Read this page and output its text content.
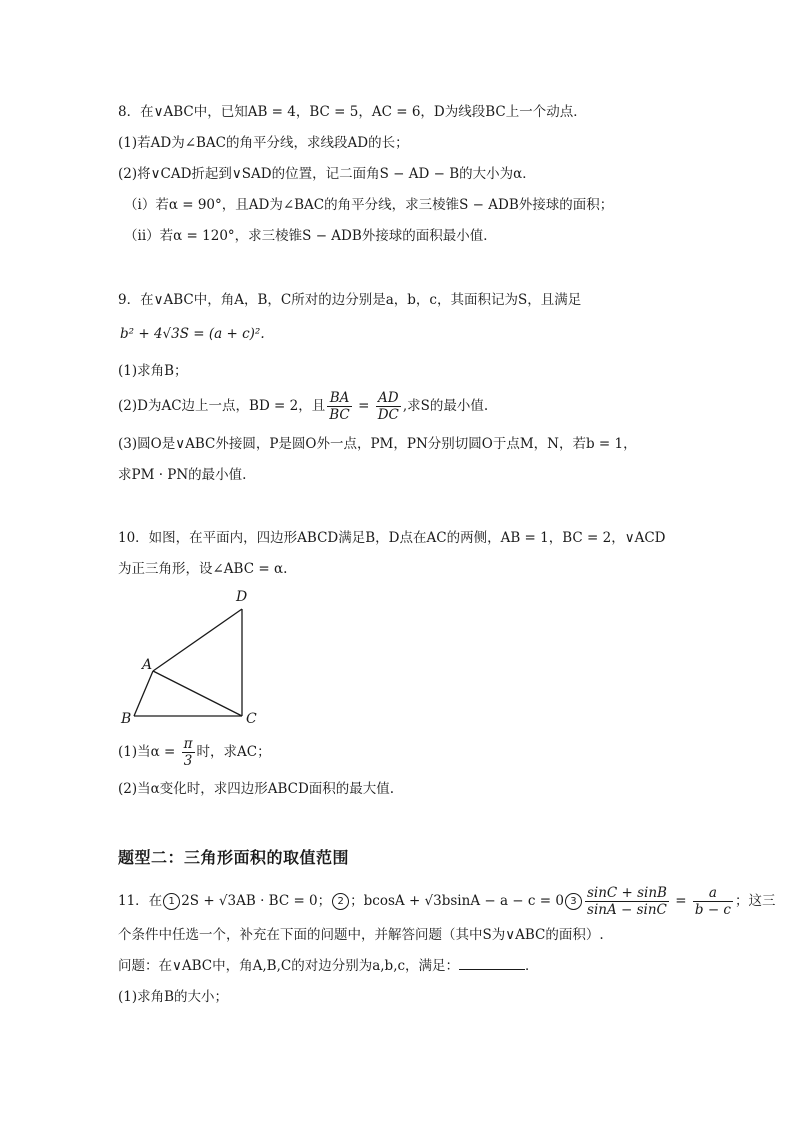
8．在∨ABC中，已知AB = 4，BC = 5，AC = 6，D为线段BC上一个动点．
(1)若AD为∠BAC的角平分线，求线段AD的长；
(2)将∨CAD折起到∨SAD的位置，记二面角S − AD − B的大小为α．
（i）若α = 90°，且AD为∠BAC的角平分线，求三棱锥S − ADB外接球的面积；
（ii）若α = 120°，求三棱锥S − ADB外接球的面积最小值．
9．在∨ABC中，角A，B，C所对的边分别是a，b，c，其面积记为S，且满足
b² + 4√3S = (a + c)².
(1)求角B；
(2)D为AC边上一点，BD = 2，且 $\frac{BA}{BC} = \frac{AD}{DC}$ ,求S的最小值.
(3)圆O是∨ABC外接圆，P是圆O外一点，PM，PN分别切圆O于点M，N，若b = 1，
求PM · PN的最小值.
10．如图，在平面内，四边形ABCD满足B，D点在AC的两侧，AB = 1，BC = 2，∨ACD
为正三角形，设∠ABC = α.
D
A
B	C
(1)当$\alpha = \frac{\pi}{3}$ 时，求AC；
(2)当α变化时，求四边形ABCD面积的最大值.
题型二：三角形面积的取值范围
11．在 1 2S + √3AB · BC = 0； 2 ；bcosA + √3bsinA − a − c = 0 $3 \frac{\sin C + \sin B}{\sin A - \sin C} = \frac{a}{b - c}$ ；这三
个条件中任选一个，补充在下面的问题中，并解答问题（其中S为∨ABC的面积）.
问题：在∨ABC中，角A,B,C的对边分别为a,b,c，满足：	．
(1)求角B的大小；
